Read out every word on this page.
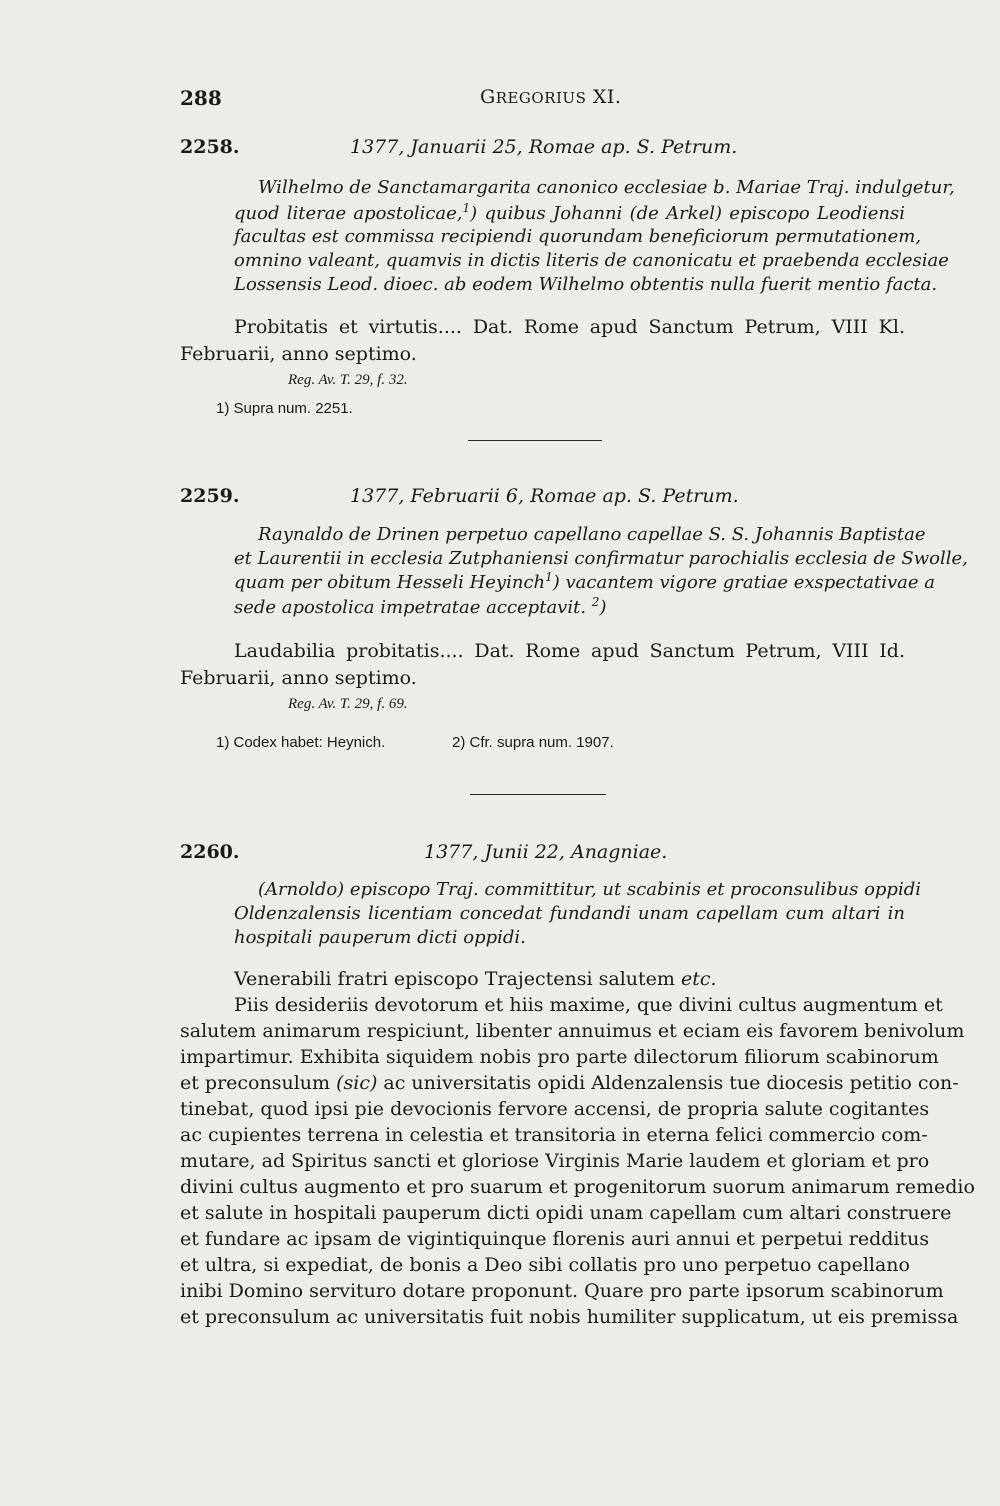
288	GREGORIUS XI.
2258.	1377, Januarii 25, Romae ap. S. Petrum.
Wilhelmo de Sanctamargarita canonico ecclesiae b. Mariae Traj. indulgetur,
quod literae apostolicae,$^1$) quibus Johanni (de Arkel) episcopo Leodiensi
facultas est commissa recipiendi quorundam beneficiorum permutationem,
omnino valeant, quamvis in dictis literis de canonicatu et praebenda ecclesiae
Lossensis Leod. dioec. ab eodem Wilhelmo obtentis nulla fuerit mentio facta.
Probitatis et virtutis.... Dat. Rome apud Sanctum Petrum, VIII Kl.
Februarii, anno septimo.
Reg. Av. T. 29, f. 32.
1) Supra num. 2251.
2259.	1377, Februarii 6, Romae ap. S. Petrum.
Raynaldo de Drinen perpetuo capellano capellae S. S. Johannis Baptistae
et Laurentii in ecclesia Zutphaniensi confirmatur parochialis ecclesia de Swolle,
quam per obitum Hesseli Heyinch$^1$) vacantem vigore gratiae exspectativae a
sede apostolica impetratae acceptavit. $^2$)
Laudabilia probitatis.... Dat. Rome apud Sanctum Petrum, VIII Id.
Februarii, anno septimo.
Reg. Av. T. 29, f. 69.
1) Codex habet: Heynich.	2) Cfr. supra num. 1907.
2260.	1377, Junii 22, Anagniae.
(Arnoldo) episcopo Traj. committitur, ut scabinis et proconsulibus oppidi
Oldenzalensis licentiam concedat fundandi unam capellam cum altari in
hospitali pauperum dicti oppidi.
Venerabili fratri episcopo Trajectensi salutem etc.
Piis desideriis devotorum et hiis maxime, que divini cultus augmentum et
salutem animarum respiciunt, libenter annuimus et eciam eis favorem benivolum
impartimur. Exhibita siquidem nobis pro parte dilectorum filiorum scabinorum
et preconsulum (sic) ac universitatis opidi Aldenzalensis tue diocesis petitio con-
tinebat, quod ipsi pie devocionis fervore accensi, de propria salute cogitantes
ac cupientes terrena in celestia et transitoria in eterna felici commercio com-
mutare, ad Spiritus sancti et gloriose Virginis Marie laudem et gloriam et pro
divini cultus augmento et pro suarum et progenitorum suorum animarum remedio
et salute in hospitali pauperum dicti opidi unam capellam cum altari construere
et fundare ac ipsam de vigintiquinque florenis auri annui et perpetui redditus
et ultra, si expediat, de bonis a Deo sibi collatis pro uno perpetuo capellano
inibi Domino servituro dotare proponunt. Quare pro parte ipsorum scabinorum
et preconsulum ac universitatis fuit nobis humiliter supplicatum, ut eis premissa
